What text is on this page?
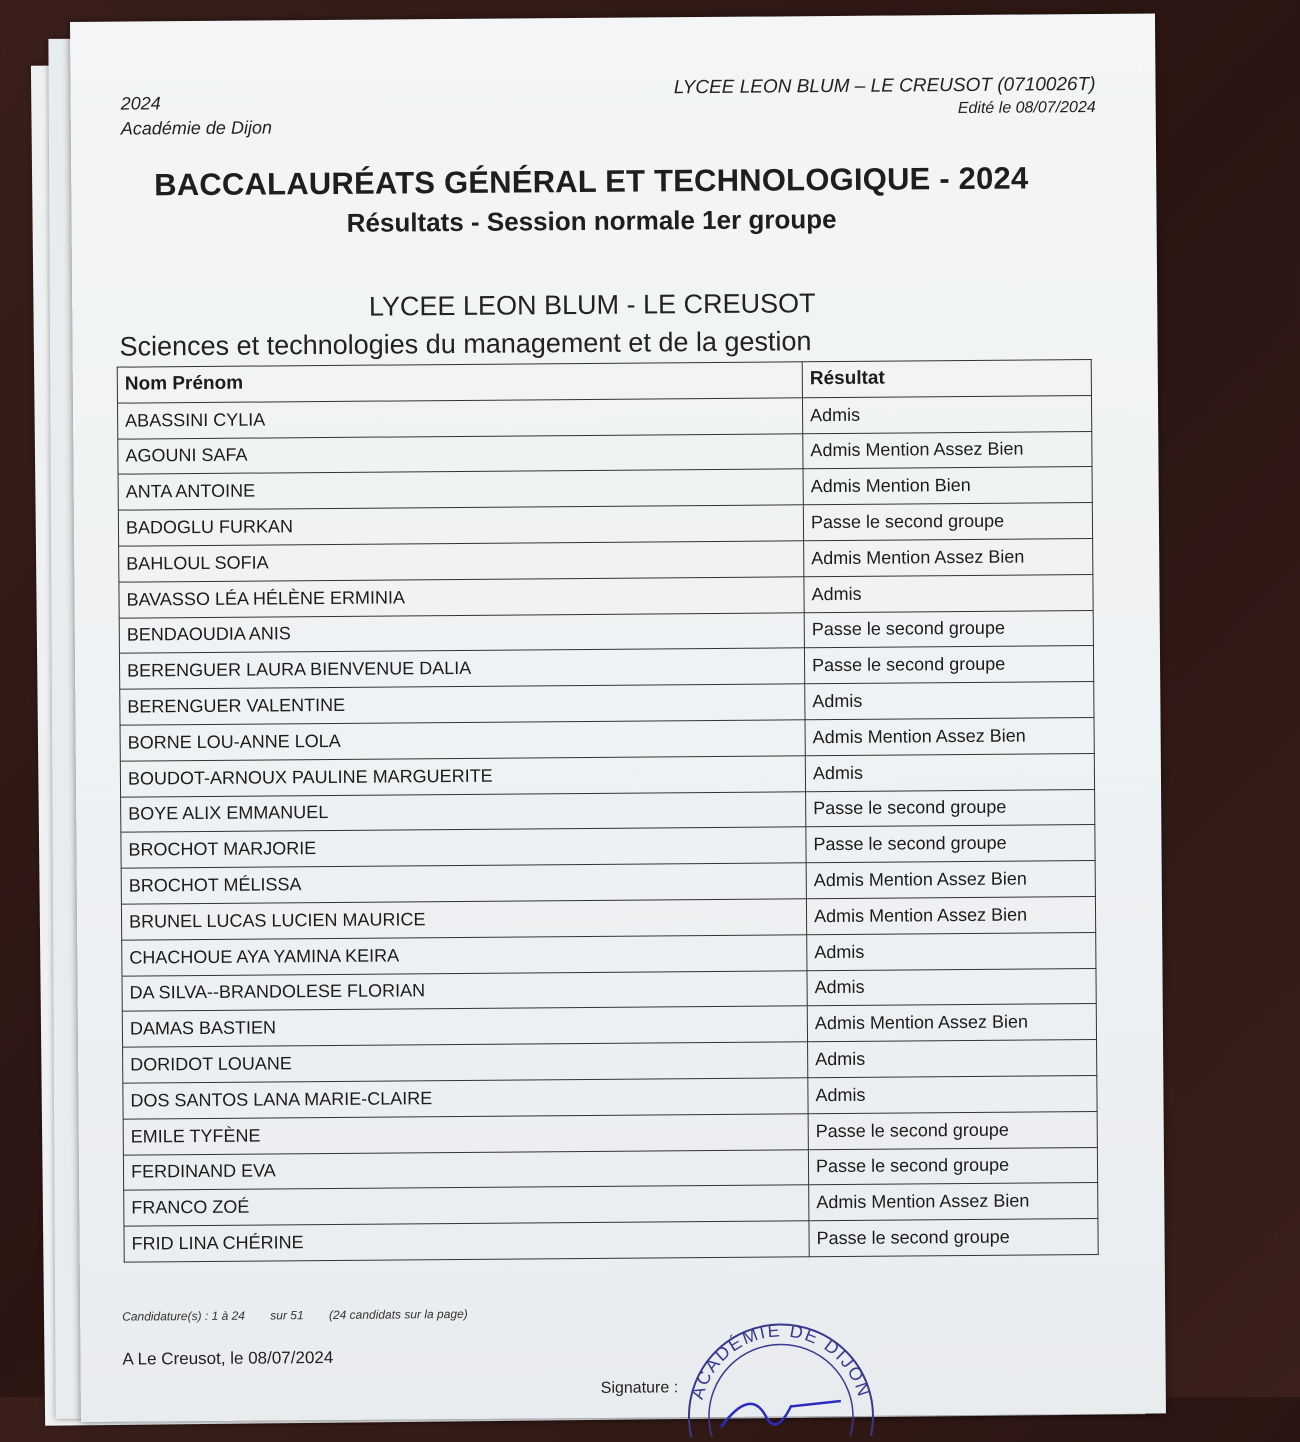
2024
Académie de Dijon
LYCEE LEON BLUM – LE CREUSOT (0710026T)
Edité le 08/07/2024
BACCALAURÉATS GÉNÉRAL ET TECHNOLOGIQUE - 2024
Résultats - Session normale 1er groupe
LYCEE LEON BLUM - LE CREUSOT
Sciences et technologies du management et de la gestion
Nom Prénom	Résultat
ABASSINI CYLIA	Admis
AGOUNI SAFA	Admis Mention Assez Bien
ANTA ANTOINE	Admis Mention Bien
BADOGLU FURKAN	Passe le second groupe
BAHLOUL SOFIA	Admis Mention Assez Bien
BAVASSO LÉA HÉLÈNE ERMINIA	Admis
BENDAOUDIA ANIS	Passe le second groupe
BERENGUER LAURA BIENVENUE DALIA	Passe le second groupe
BERENGUER VALENTINE	Admis
BORNE LOU-ANNE LOLA	Admis Mention Assez Bien
BOUDOT-ARNOUX PAULINE MARGUERITE	Admis
BOYE ALIX EMMANUEL	Passe le second groupe
BROCHOT MARJORIE	Passe le second groupe
BROCHOT MÉLISSA	Admis Mention Assez Bien
BRUNEL LUCAS LUCIEN MAURICE	Admis Mention Assez Bien
CHACHOUE AYA YAMINA KEIRA	Admis
DA SILVA--BRANDOLESE FLORIAN	Admis
DAMAS BASTIEN	Admis Mention Assez Bien
DORIDOT LOUANE	Admis
DOS SANTOS LANA MARIE-CLAIRE	Admis
EMILE TYFÈNE	Passe le second groupe
FERDINAND EVA	Passe le second groupe
FRANCO ZOÉ	Admis Mention Assez Bien
FRID LINA CHÉRINE	Passe le second groupe
Candidature(s) : 1 à 24 sur 51 (24 candidats sur la page)
A Le Creusot, le 08/07/2024
Signature : ACADÉMIE DE DIJON
